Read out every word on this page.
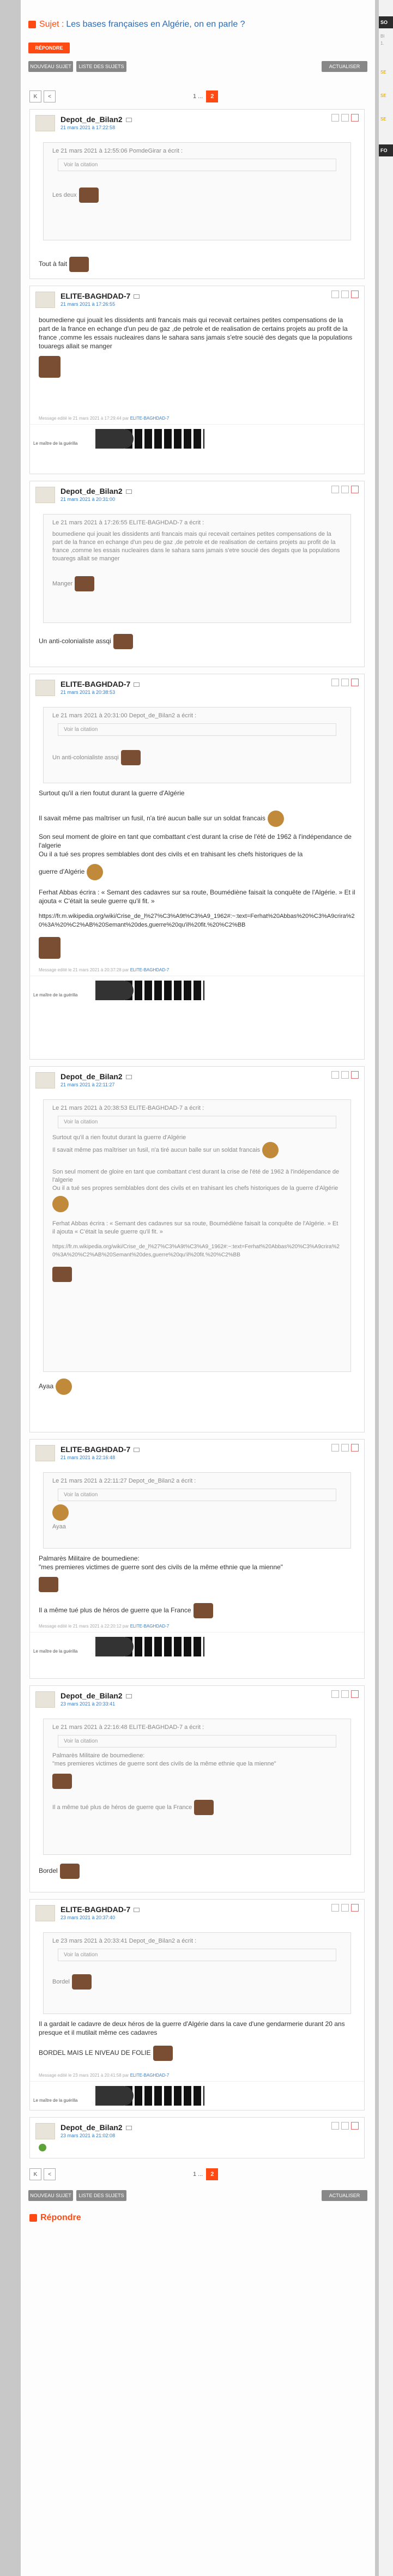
Sujet : Les bases françaises en Algérie, on en parle ?
RÉPONDRE
NOUVEAU SUJET	LISTE DES SUJETS	ACTUALISER
K	<	1 ...	2
Depot_de_Bilan2
21 mars 2021 à 17:22:58
Le 21 mars 2021 à 12:55:06 PomdeGirar a écrit :
Voir la citation
Les deux
Tout à fait
ELITE-BAGHDAD-7
21 mars 2021 à 17:26:55
boumediene qui jouait les dissidents anti francais mais qui recevait certaines petites compensations de la part de la france en echange d'un peu de gaz ,de petrole et de realisation de certains projets au profit de la france ,comme les essais nucleaires dans le sahara sans jamais s'etre soucié des degats que la populations touaregs allait se manger
Message edité le 21 mars 2021 à 17:29:44 par ELITE-BAGHDAD-7
Le maître de la guérilla
Depot_de_Bilan2
21 mars 2021 à 20:31:00
Le 21 mars 2021 à 17:26:55 ELITE-BAGHDAD-7 a écrit :
boumediene qui jouait les dissidents anti francais mais qui recevait certaines petites compensations de la part de la france en echange d'un peu de gaz ,de petrole et de realisation de certains projets au profit de la france ,comme les essais nucleaires dans le sahara sans jamais s'etre soucié des degats que la populations touaregs allait se manger
Manger
Un anti-colonialiste assqi
ELITE-BAGHDAD-7
21 mars 2021 à 20:38:53
Le 21 mars 2021 à 20:31:00 Depot_de_Bilan2 a écrit :
Voir la citation
Un anti-colonialiste assqi
Surtout qu'il a rien foutut durant la guerre d'Algérie
Il savait même pas maîtriser un fusil, n'a tiré aucun balle sur un soldat francais
Son seul moment de gloire en tant que combattant c'est durant la crise de l'été de 1962 à l'indépendance de l'algerie
Ou il a tué ses propres semblables dont des civils et en trahisant les chefs historiques de la
guerre d'Algérie
Ferhat Abbas écrira : « Semant des cadavres sur sa route, Boumédiène faisait la conquête de l'Algérie. » Et il ajouta « C'était la seule guerre qu'il fit. »
https://fr.m.wikipedia.org/wiki/Crise_de_l%27%C3%A9t%C3%A9_1962#:~:text=Ferhat%20Abbas%20%C3%A9crira%20%3A%20%C2%AB%20Semant%20des,guerre%20qu'il%20fit.%20%C2%BB
Message edité le 21 mars 2021 à 20:37:28 par ELITE-BAGHDAD-7
Le maître de la guérilla
Depot_de_Bilan2
21 mars 2021 à 22:11:27
Le 21 mars 2021 à 20:38:53 ELITE-BAGHDAD-7 a écrit :
Voir la citation
Surtout qu'il a rien foutut durant la guerre d'Algérie
Il savait même pas maîtriser un fusil, n'a tiré aucun balle sur un soldat francais
Son seul moment de gloire en tant que combattant c'est durant la crise de l'été de 1962 à l'indépendance de l'algerie
Ou il a tué ses propres semblables dont des civils et en trahisant les chefs historiques de la guerre d'Algérie
Ferhat Abbas écrira : « Semant des cadavres sur sa route, Boumédiène faisait la conquête de l'Algérie. » Et il ajouta « C'était la seule guerre qu'il fit. »
https://fr.m.wikipedia.org/wiki/Crise_de_l%27%C3%A9t%C3%A9_1962#:~:text=Ferhat%20Abbas%20%C3%A9crira%20%3A%20%C2%AB%20Semant%20des,guerre%20qu'il%20fit.%20%C2%BB
Ayaa
ELITE-BAGHDAD-7
21 mars 2021 à 22:16:48
Le 21 mars 2021 à 22:11:27 Depot_de_Bilan2 a écrit :
Voir la citation
Ayaa
Palmarès Militaire de boumediene:
"mes premieres victimes de guerre sont des civils de la même ethnie que la mienne"
Il a même tué plus de héros de guerre que la France
Message edité le 21 mars 2021 à 22:20:12 par ELITE-BAGHDAD-7
Le maître de la guérilla
Depot_de_Bilan2
23 mars 2021 à 20:33:41
Le 21 mars 2021 à 22:16:48 ELITE-BAGHDAD-7 a écrit :
Voir la citation
Palmarès Militaire de boumediene:
"mes premieres victimes de guerre sont des civils de la même ethnie que la mienne"
Il a même tué plus de héros de guerre que la France
Bordel
ELITE-BAGHDAD-7
23 mars 2021 à 20:37:40
Le 23 mars 2021 à 20:33:41 Depot_de_Bilan2 a écrit :
Voir la citation
Bordel
Il a gardait le cadavre de deux héros de la guerre d'Algérie dans la cave d'une gendarmerie durant 20 ans presque et il mutilait même ces cadavres
BORDEL MAIS LE NIVEAU DE FOLIE
Message edité le 23 mars 2021 à 20:41:58 par ELITE-BAGHDAD-7
Le maître de la guérilla
Depot_de_Bilan2
23 mars 2021 à 21:02:08
K	<	1 ...	2
NOUVEAU SUJET	LISTE DES SUJETS	ACTUALISER
Répondre
SO
Bl
1.
SE
SE
SE
FO
